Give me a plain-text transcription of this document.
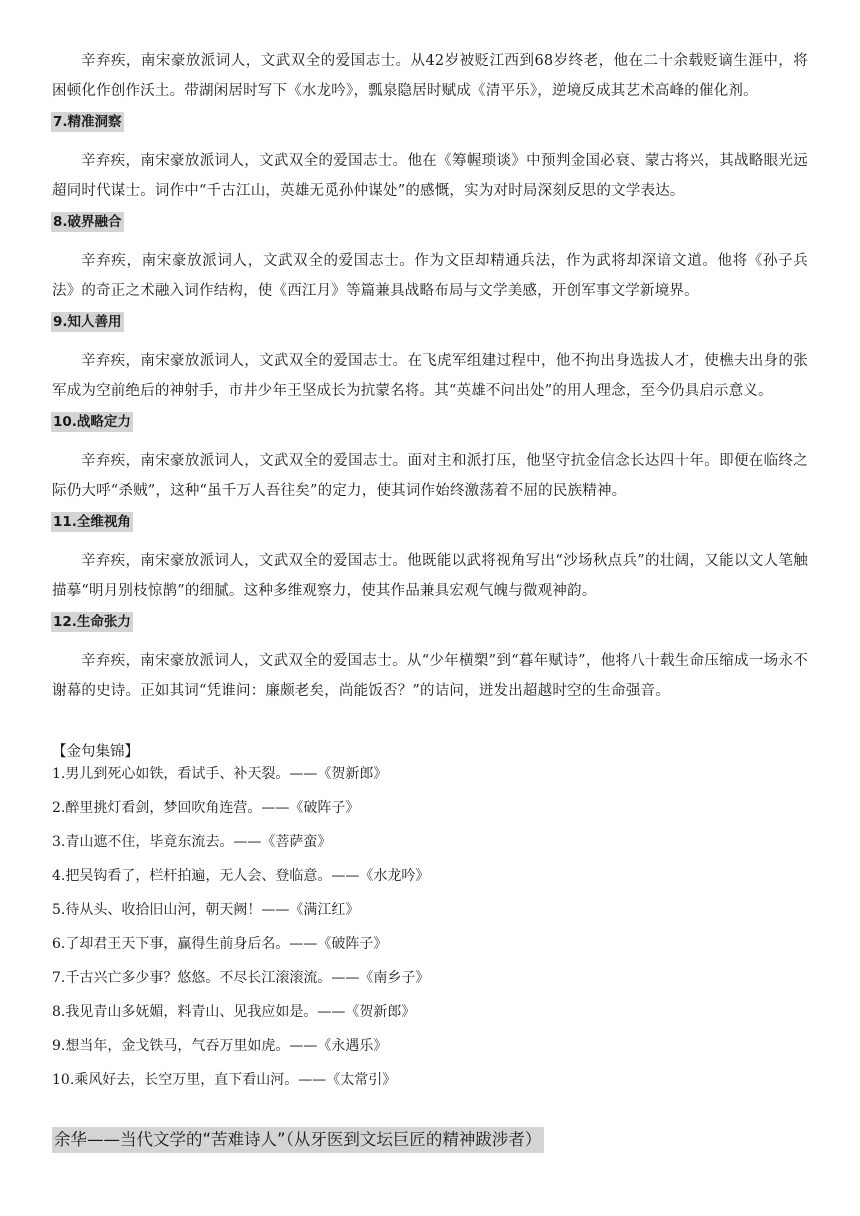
辛弃疾，南宋豪放派词人，文武双全的爱国志士。从42岁被贬江西到68岁终老，他在二十余载贬谪生涯中，将困顿化作创作沃土。带湖闲居时写下《水龙吟》，瓢泉隐居时赋成《清平乐》，逆境反成其艺术高峰的催化剂。

7.精准洞察

辛弃疾，南宋豪放派词人，文武双全的爱国志士。他在《筹幄琐谈》中预判金国必衰、蒙古将兴，其战略眼光远超同时代谋士。词作中“千古江山，英雄无觅孙仲谋处”的感慨，实为对时局深刻反思的文学表达。

8.破界融合

辛弃疾，南宋豪放派词人，文武双全的爱国志士。作为文臣却精通兵法，作为武将却深谙文道。他将《孙子兵法》的奇正之术融入词作结构，使《西江月》等篇兼具战略布局与文学美感，开创军事文学新境界。

9.知人善用

辛弃疾，南宋豪放派词人，文武双全的爱国志士。在飞虎军组建过程中，他不拘出身选拔人才，使樵夫出身的张军成为空前绝后的神射手，市井少年王坚成长为抗蒙名将。其“英雄不问出处”的用人理念，至今仍具启示意义。

10.战略定力

辛弃疾，南宋豪放派词人，文武双全的爱国志士。面对主和派打压，他坚守抗金信念长达四十年。即便在临终之际仍大呼“杀贼”，这种“虽千万人吾往矣”的定力，使其词作始终激荡着不屈的民族精神。

11.全维视角

辛弃疾，南宋豪放派词人，文武双全的爱国志士。他既能以武将视角写出“沙场秋点兵”的壮阔，又能以文人笔触描摹“明月别枝惊鹊”的细腻。这种多维观察力，使其作品兼具宏观气魄与微观神韵。

12.生命张力

辛弃疾，南宋豪放派词人，文武双全的爱国志士。从“少年横槊”到“暮年赋诗”，他将八十载生命压缩成一场永不谢幕的史诗。正如其词“凭谁问：廉颇老矣，尚能饭否？”的诘问，迸发出超越时空的生命强音。

【金句集锦】
1.男儿到死心如铁，看试手、补天裂。——《贺新郎》
2.醉里挑灯看剑，梦回吹角连营。——《破阵子》
3.青山遮不住，毕竟东流去。——《菩萨蛮》
4.把吴钩看了，栏杆拍遍，无人会、登临意。——《水龙吟》
5.待从头、收拾旧山河，朝天阙！——《满江红》
6.了却君王天下事，赢得生前身后名。——《破阵子》
7.千古兴亡多少事？悠悠。不尽长江滚滚流。——《南乡子》
8.我见青山多妩媚，料青山、见我应如是。——《贺新郎》
9.想当年，金戈铁马，气吞万里如虎。——《永遇乐》
10.乘风好去，长空万里，直下看山河。——《太常引》
余华——当代文学的“苦难诗人”（从牙医到文坛巨匠的精神跋涉者）
